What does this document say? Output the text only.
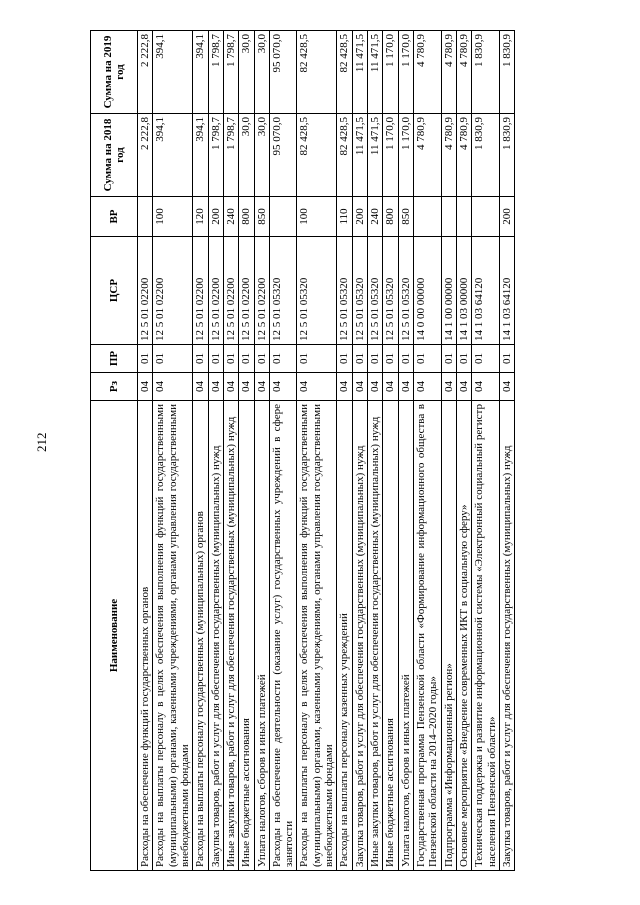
212
Наименование	Рз	ПР	ЦСР	ВР	Сумма на 2018 год	Сумма на 2019 год
Расходы на обеспечение функций государственных органов	04	01	12 5 01 02200		2 222,8	2 222,8
Расходы на выплаты персоналу в целях обеспечения выполнения функций государственными (муниципальными) органами, казенными учреждениями, органами управления государственными внебюджетными фондами	04	01	12 5 01 02200	100	394,1	394,1
Расходы на выплаты персоналу государственных (муниципальных) органов	04	01	12 5 01 02200	120	394,1	394,1
Закупка товаров, работ и услуг для обеспечения государственных (муниципальных) нужд	04	01	12 5 01 02200	200	1 798,7	1 798,7
Иные закупки товаров, работ и услуг для обеспечения государственных (муниципальных) нужд	04	01	12 5 01 02200	240	1 798,7	1 798,7
Иные бюджетные ассигнования	04	01	12 5 01 02200	800	30,0	30,0
Уплата налогов, сборов и иных платежей	04	01	12 5 01 02200	850	30,0	30,0
Расходы на обеспечение деятельности (оказание услуг) государственных учреждений в сфере занятости	04	01	12 5 01 05320		95 070,0	95 070,0
Расходы на выплаты персоналу в целях обеспечения выполнения функций государственными (муниципальными) органами, казенными учреждениями, органами управления государственными внебюджетными фондами	04	01	12 5 01 05320	100	82 428,5	82 428,5
Расходы на выплаты персоналу казенных учреждений	04	01	12 5 01 05320	110	82 428,5	82 428,5
Закупка товаров, работ и услуг для обеспечения государственных (муниципальных) нужд	04	01	12 5 01 05320	200	11 471,5	11 471,5
Иные закупки товаров, работ и услуг для обеспечения государственных (муниципальных) нужд	04	01	12 5 01 05320	240	11 471,5	11 471,5
Иные бюджетные ассигнования	04	01	12 5 01 05320	800	1 170,0	1 170,0
Уплата налогов, сборов и иных платежей	04	01	12 5 01 05320	850	1 170,0	1 170,0
Государственная программа Пензенской области «Формирование информационного общества в Пензенской области на 2014–2020 годы»	04	01	14 0 00 00000		4 780,9	4 780,9
Подпрограмма «Информационный регион»	04	01	14 1 00 00000		4 780,9	4 780,9
Основное мероприятие «Внедрение современных ИКТ в социальную сферу»	04	01	14 1 03 00000		4 780,9	4 780,9
Техническая поддержка и развитие информационной системы «Электронный социальный регистр населения Пензенской области»	04	01	14 1 03 64120		1 830,9	1 830,9
Закупка товаров, работ и услуг для обеспечения государственных (муниципальных) нужд	04	01	14 1 03 64120	200	1 830,9	1 830,9
